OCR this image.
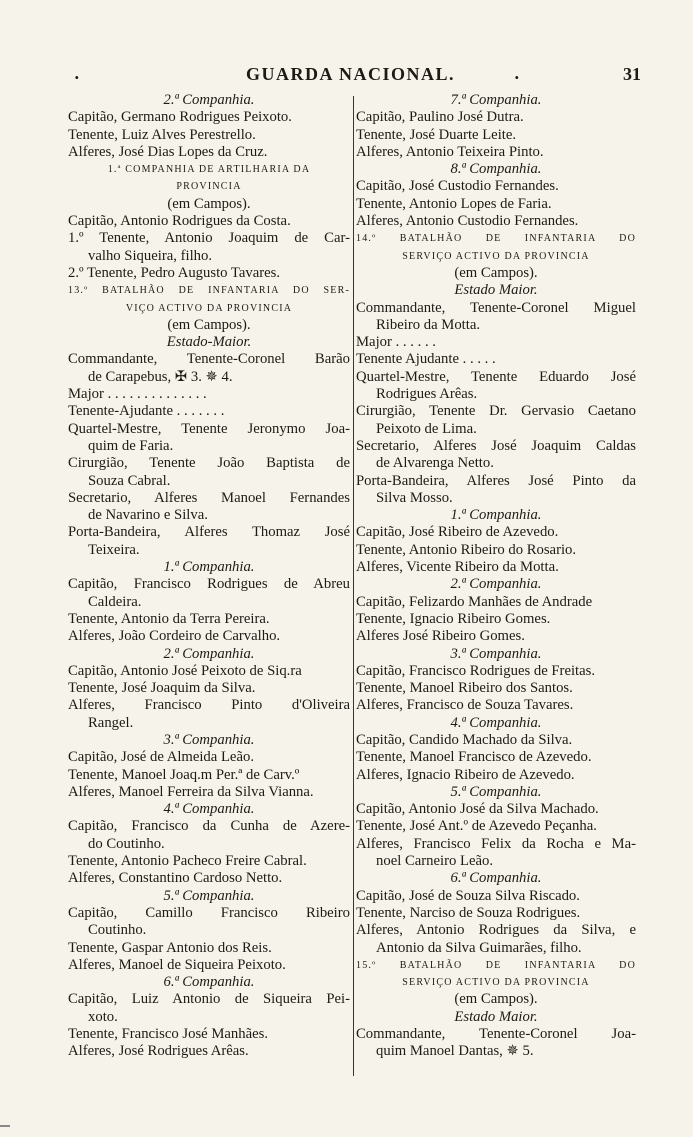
·	GUARDA NACIONAL.	·	31
2.ª Companhia.
Capitão, Germano Rodrigues Peixoto.
Tenente, Luiz Alves Perestrello.
Alferes, José Dias Lopes da Cruz.
1.ª COMPANHIA DE ARTILHARIA DA
PROVINCIA
(em Campos).
Capitão, Antonio Rodrigues da Costa.
1.º Tenente, Antonio Joaquim de Car-
valho Siqueira, filho.
2.º Tenente, Pedro Augusto Tavares.
13.º BATALHÃO DE INFANTARIA DO SER-
VIÇO ACTIVO DA PROVINCIA
(em Campos).
Estado-Maior.
Commandante, Tenente-Coronel Barão
de Carapebus, ✠ 3. ✵ 4.
Major . . . . . . . . . . . . . .
Tenente-Ajudante . . . . . . .
Quartel-Mestre, Tenente Jeronymo Joa-
quim de Faria.
Cirurgião, Tenente João Baptista de
Souza Cabral.
Secretario, Alferes Manoel Fernandes
de Navarino e Silva.
Porta-Bandeira, Alferes Thomaz José
Teixeira.
1.ª Companhia.
Capitão, Francisco Rodrigues de Abreu
Caldeira.
Tenente, Antonio da Terra Pereira.
Alferes, João Cordeiro de Carvalho.
2.ª Companhia.
Capitão, Antonio José Peixoto de Siq.ra
Tenente, José Joaquim da Silva.
Alferes, Francisco Pinto d'Oliveira
Rangel.
3.ª Companhia.
Capitão, José de Almeida Leão.
Tenente, Manoel Joaq.m Per.ª de Carv.º
Alferes, Manoel Ferreira da Silva Vianna.
4.ª Companhia.
Capitão, Francisco da Cunha de Azere-
do Coutinho.
Tenente, Antonio Pacheco Freire Cabral.
Alferes, Constantino Cardoso Netto.
5.ª Companhia.
Capitão, Camillo Francisco Ribeiro
Coutinho.
Tenente, Gaspar Antonio dos Reis.
Alferes, Manoel de Siqueira Peixoto.
6.ª Companhia.
Capitão, Luiz Antonio de Siqueira Pei-
xoto.
Tenente, Francisco José Manhães.
Alferes, José Rodrigues Arêas.
7.ª Companhia.
Capitão, Paulino José Dutra.
Tenente, José Duarte Leite.
Alferes, Antonio Teixeira Pinto.
8.ª Companhia.
Capitão, José Custodio Fernandes.
Tenente, Antonio Lopes de Faria.
Alferes, Antonio Custodio Fernandes.
14.º BATALHÃO DE INFANTARIA DO
SERVIÇO ACTIVO DA PROVINCIA
(em Campos).
Estado Maior.
Commandante, Tenente-Coronel Miguel
Ribeiro da Motta.
Major . . . . . .
Tenente Ajudante . . . . .
Quartel-Mestre, Tenente Eduardo José
Rodrigues Arêas.
Cirurgião, Tenente Dr. Gervasio Caetano
Peixoto de Lima.
Secretario, Alferes José Joaquim Caldas
de Alvarenga Netto.
Porta-Bandeira, Alferes José Pinto da
Silva Mosso.
1.ª Companhia.
Capitão, José Ribeiro de Azevedo.
Tenente, Antonio Ribeiro do Rosario.
Alferes, Vicente Ribeiro da Motta.
2.ª Companhia.
Capitão, Felizardo Manhães de Andrade
Tenente, Ignacio Ribeiro Gomes.
Alferes José Ribeiro Gomes.
3.ª Companhia.
Capitão, Francisco Rodrigues de Freitas.
Tenente, Manoel Ribeiro dos Santos.
Alferes, Francisco de Souza Tavares.
4.ª Companhia.
Capitão, Candido Machado da Silva.
Tenente, Manoel Francisco de Azevedo.
Alferes, Ignacio Ribeiro de Azevedo.
5.ª Companhia.
Capitão, Antonio José da Silva Machado.
Tenente, José Ant.º de Azevedo Peçanha.
Alferes, Francisco Felix da Rocha e Ma-
noel Carneiro Leão.
6.ª Companhia.
Capitão, José de Souza Silva Riscado.
Tenente, Narciso de Souza Rodrigues.
Alferes, Antonio Rodrigues da Silva, e
Antonio da Silva Guimarães, filho.
15.º BATALHÃO DE INFANTARIA DO
SERVIÇO ACTIVO DA PROVINCIA
(em Campos).
Estado Maior.
Commandante, Tenente-Coronel Joa-
quim Manoel Dantas, ✵ 5.
